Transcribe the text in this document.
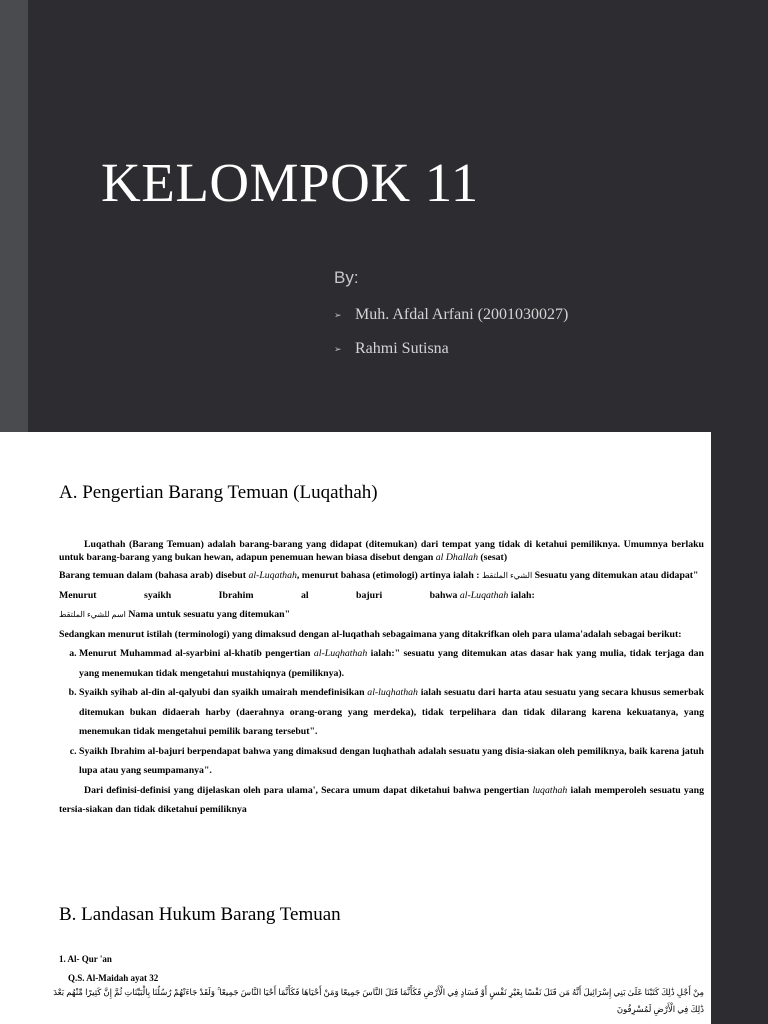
KELOMPOK 11
By:
➢ Muh. Afdal Arfani (2001030027)
➢ Rahmi Sutisna
A. Pengertian Barang Temuan (Luqathah)

Luqathah (Barang Temuan) adalah barang-barang yang didapat (ditemukan) dari tempat yang tidak di ketahui pemiliknya. Umumnya berlaku untuk barang-barang yang bukan hewan, adapun penemuan hewan biasa disebut dengan al Dhallah (sesat)

Barang temuan dalam (bahasa arab) disebut al-Luqathah, menurut bahasa (etimologi) artinya ialah : الشيء الملتقط Sesuatu yang ditemukan atau didapat"

Menurut syaikh Ibrahim al bajuri bahwa al-Luqathah ialah:
اسم للشيء الملتقط Nama untuk sesuatu yang ditemukan"

Sedangkan menurut istilah (terminologi) yang dimaksud dengan al-luqathah sebagaimana yang ditakrifkan oleh para ulama'adalah sebagai berikut:

a. Menurut Muhammad al-syarbini al-khatib pengertian al-Luqhathah ialah:" sesuatu yang ditemukan atas dasar hak yang mulia, tidak terjaga dan yang menemukan tidak mengetahui mustahiqnya (pemiliknya).
b. Syaikh syihab al-din al-qalyubi dan syaikh umairah mendefinisikan al-luqhathah ialah sesuatu dari harta atau sesuatu yang secara khusus semerbak ditemukan bukan didaerah harby (daerahnya orang-orang yang merdeka), tidak terpelihara dan tidak dilarang karena kekuatanya, yang menemukan tidak mengetahui pemilik barang tersebut".
c. Syaikh Ibrahim al-bajuri berpendapat bahwa yang dimaksud dengan luqhathah adalah sesuatu yang disia-siakan oleh pemiliknya, baik karena jatuh lupa atau yang seumpamanya".

Dari definisi-definisi yang dijelaskan oleh para ulama', Secara umum dapat diketahui bahwa pengertian luqathah ialah memperoleh sesuatu yang tersia-siakan dan tidak diketahui pemiliknya

B. Landasan Hukum Barang Temuan
1. Al- Qur 'an
Q.S. Al-Maidah ayat 32
مِنْ أَجْلِ ذَٰلِكَ كَتَبْنَا عَلَىٰ بَنِي إِسْرَائِيلَ أَنَّهُ مَن قَتَلَ نَفْسًا بِغَيْرِ نَفْسٍ أَوْ فَسَادٍ فِي الْأَرْضِ فَكَأَنَّمَا قَتَلَ النَّاسَ جَمِيعًا وَمَنْ أَحْيَاهَا فَكَأَنَّمَا أَحْيَا النَّاسَ جَمِيعًا ۚ وَلَقَدْ جَاءَتْهُمْ رُسُلُنَا بِالْبَيِّنَاتِ ثُمَّ إِنَّ كَثِيرًا مِّنْهُم بَعْدَ ذَٰلِكَ فِي الْأَرْضِ لَمُسْرِفُونَ
